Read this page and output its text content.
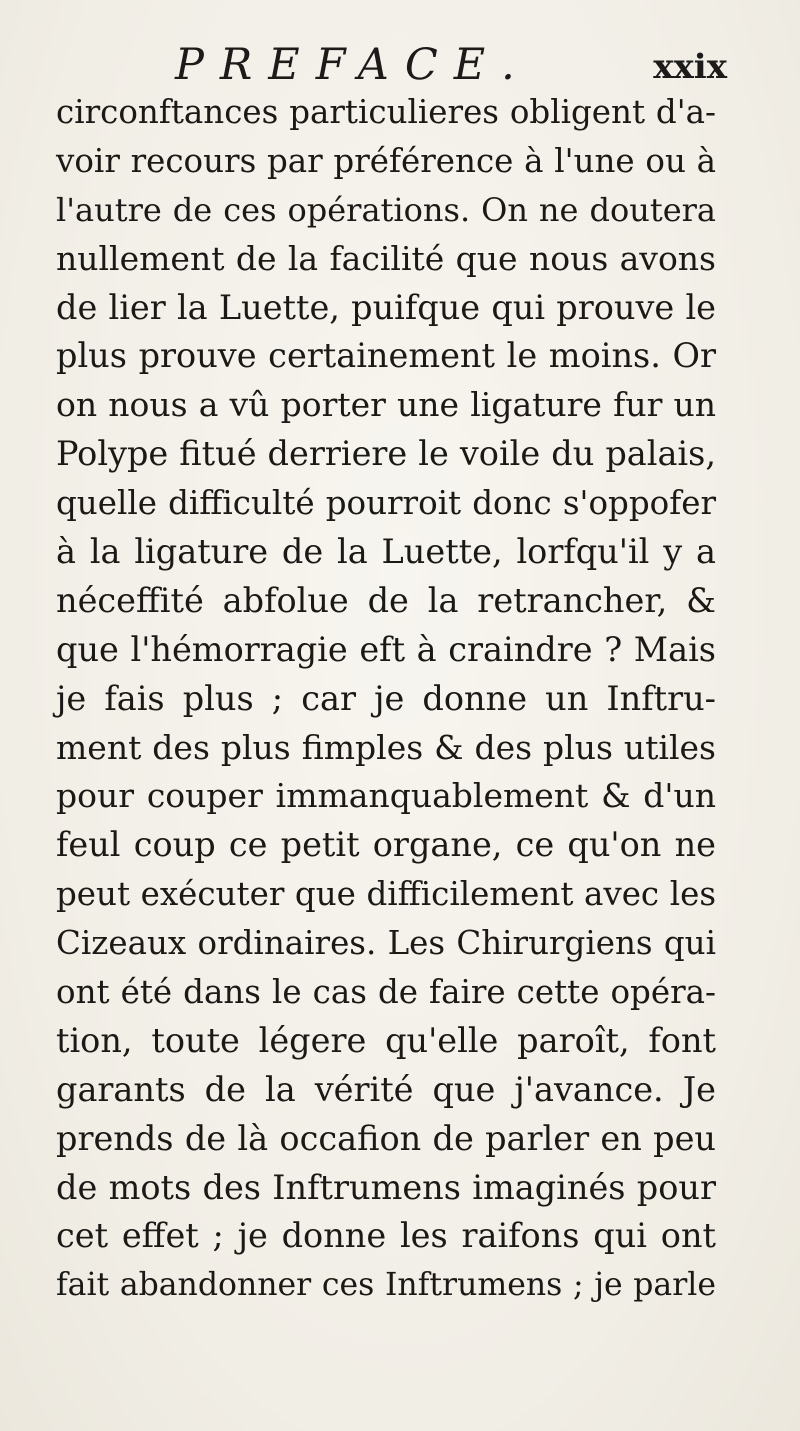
PREFACE.	xxix
circonftances particulieres obligent d'a-
voir recours par préférence à l'une ou à
l'autre de ces opérations. On ne doutera
nullement de la facilité que nous avons
de lier la Luette, puifque qui prouve le
plus prouve certainement le moins. Or
on nous a vû porter une ligature fur un
Polype fitué derriere le voile du palais,
quelle difficulté pourroit donc s'oppofer
à la ligature de la Luette, lorfqu'il y a
néceffité abfolue de la retrancher, &
que l'hémorragie eft à craindre ? Mais
je fais plus ; car je donne un Inftru-
ment des plus fimples & des plus utiles
pour couper immanquablement & d'un
feul coup ce petit organe, ce qu'on ne
peut exécuter que difficilement avec les
Cizeaux ordinaires. Les Chirurgiens qui
ont été dans le cas de faire cette opéra-
tion, toute légere qu'elle paroît, font
garants de la vérité que j'avance. Je
prends de là occafion de parler en peu
de mots des Inftrumens imaginés pour
cet effet ; je donne les raifons qui ont
fait abandonner ces Inftrumens ; je parle
